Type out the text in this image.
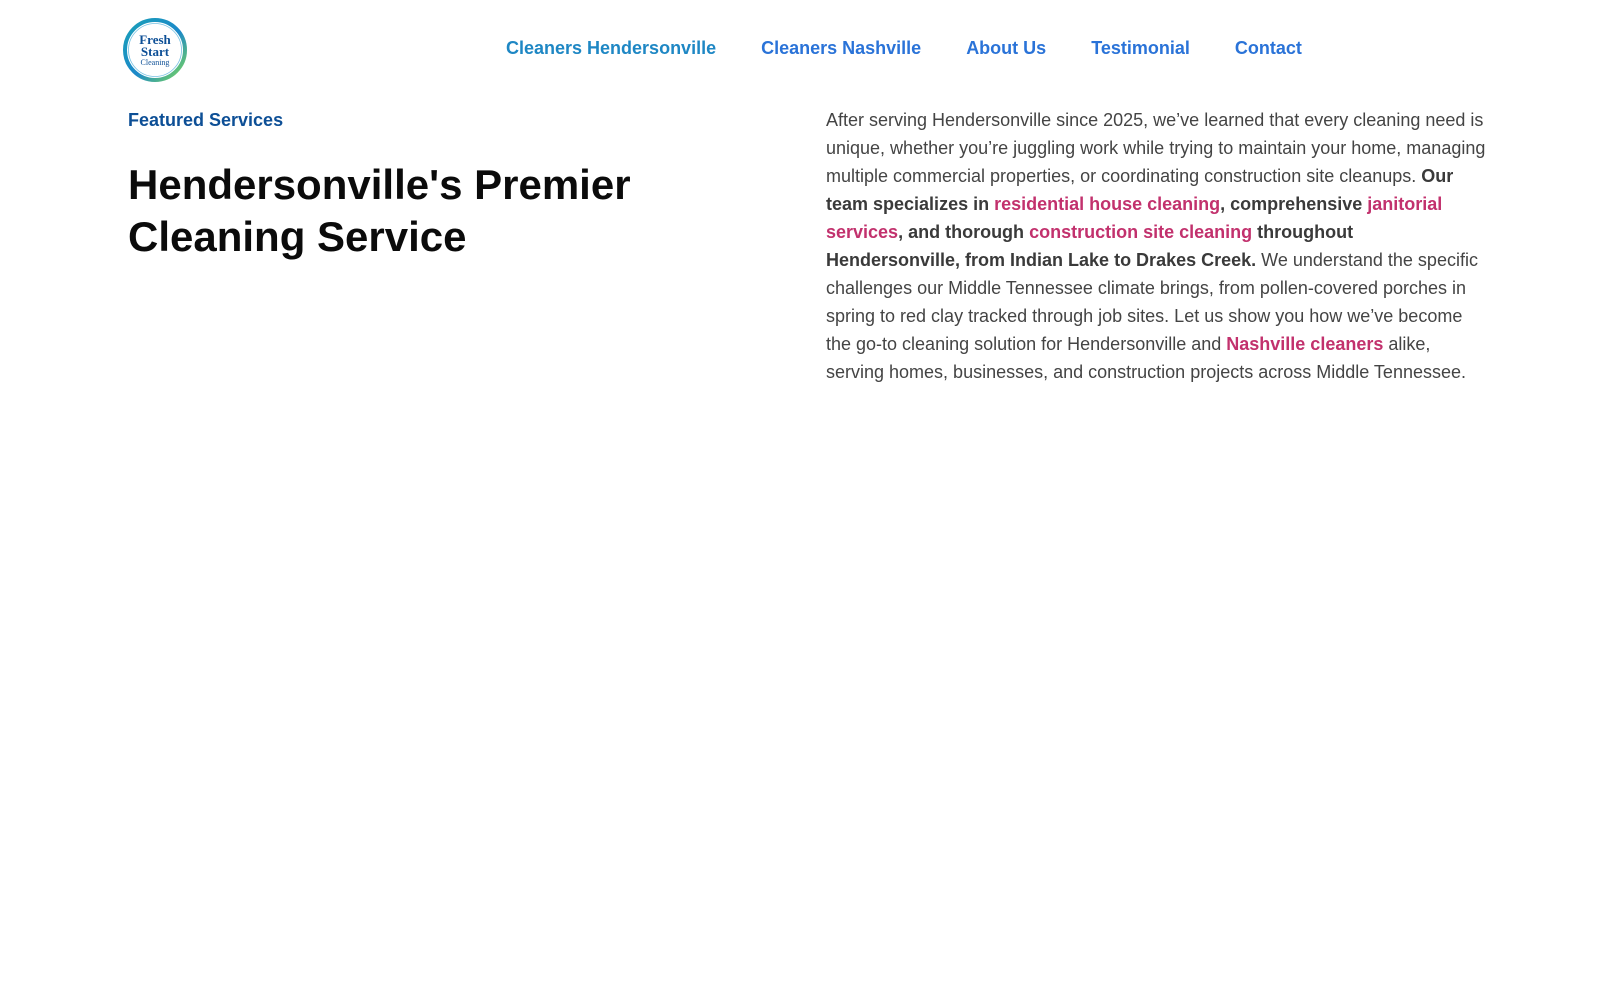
Fresh
Start
Cleaning
Cleaners Hendersonville	Cleaners Nashville	About Us	Testimonial	Contact

Featured Services

Hendersonville's Premier
Cleaning Service

After serving Hendersonville since 2025, we’ve learned that every cleaning need is unique, whether you’re juggling work while trying to maintain your home, managing multiple commercial properties, or coordinating construction site cleanups. Our team specializes in residential house cleaning, comprehensive janitorial services, and thorough construction site cleaning throughout Hendersonville, from Indian Lake to Drakes Creek. We understand the specific challenges our Middle Tennessee climate brings, from pollen-covered porches in spring to red clay tracked through job sites. Let us show you how we’ve become the go-to cleaning solution for Hendersonville and Nashville cleaners alike, serving homes, businesses, and construction projects across Middle Tennessee.
